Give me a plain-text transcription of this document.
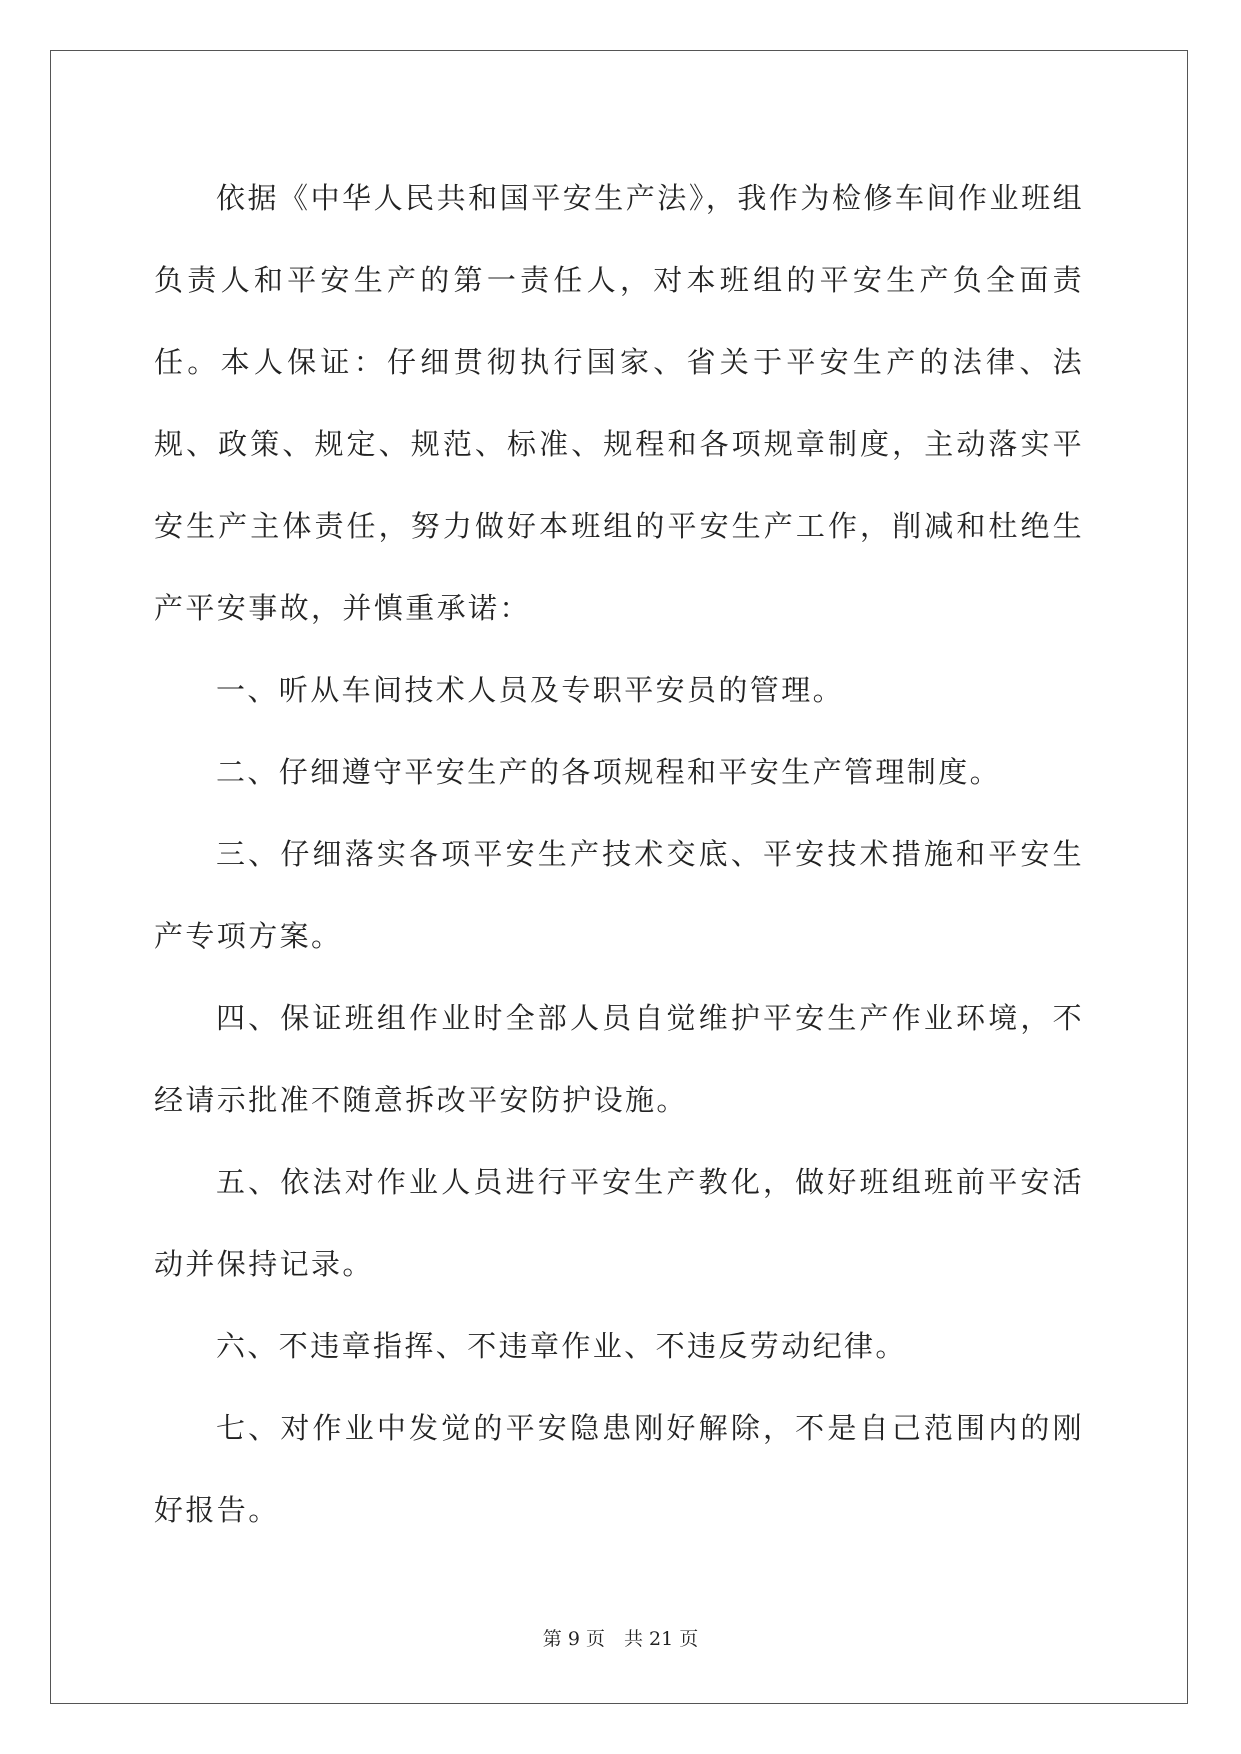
依据《中华人民共和国平安生产法》，我作为检修车间作业班组负责人和平安生产的第一责任人，对本班组的平安生产负全面责任。本人保证：仔细贯彻执行国家、省关于平安生产的法律、法规、政策、规定、规范、标准、规程和各项规章制度，主动落实平安生产主体责任，努力做好本班组的平安生产工作，削减和杜绝生产平安事故，并慎重承诺：

一、听从车间技术人员及专职平安员的管理。

二、仔细遵守平安生产的各项规程和平安生产管理制度。

三、仔细落实各项平安生产技术交底、平安技术措施和平安生产专项方案。

四、保证班组作业时全部人员自觉维护平安生产作业环境，不经请示批准不随意拆改平安防护设施。

五、依法对作业人员进行平安生产教化，做好班组班前平安活动并保持记录。

六、不违章指挥、不违章作业、不违反劳动纪律。

七、对作业中发觉的平安隐患刚好解除，不是自己范围内的刚好报告。

第 9 页　共 21 页
